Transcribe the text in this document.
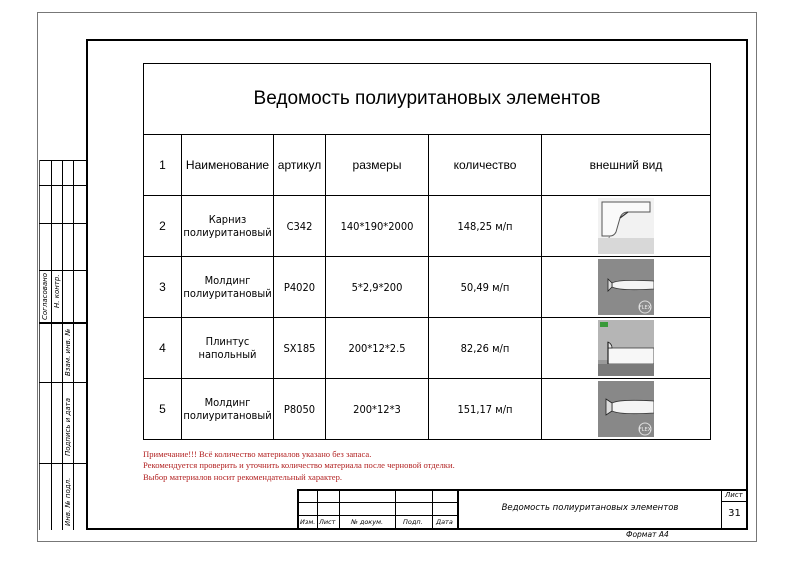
Согласовано Н. контр.
Взам. инв. №
Подпись и дата
Инв. № подл.
Ведомость полиуритановых элементов					
1	Наименование	артикул	размеры	количество	внешний вид
2	Карниз полиуритановый	C342	140*190*2000	148,25 м/п	

3	Молдинг полиуритановый	P4020	5*2,9*200	50,49 м/п	FLEX

4	Плинтус напольный	SX185	200*12*2.5	82,26 м/п	

5	Молдинг полиуритановый	P8050	200*12*3	151,17 м/п	FLEX
Примечание!!! Всё количество материалов указано без запаса.
Рекомендуется проверить и уточнить количество материала после черновой отделки.
Выбор материалов носит рекомендательный характер.
Изм. Лист № докум.	Подп. Дата
Ведомость полиуритановых элементов
Лист
31
Формат А4
